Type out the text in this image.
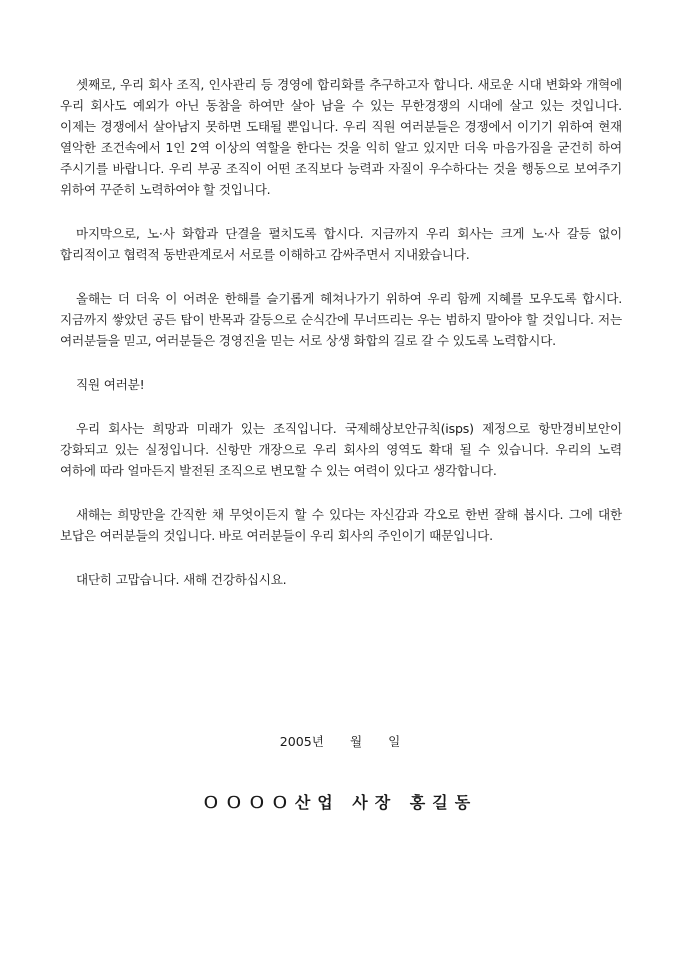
셋째로, 우리 회사 조직, 인사관리 등 경영에 합리화를 추구하고자 합니다. 새로운 시대 변화와 개혁에 우리 회사도 예외가 아닌 동참을 하여만 살아 남을 수 있는 무한경쟁의 시대에 살고 있는 것입니다. 이제는 경쟁에서 살아남지 못하면 도태될 뿐입니다. 우리 직원 여러분들은 경쟁에서 이기기 위하여 현재 열악한 조건속에서 1인 2역 이상의 역할을 한다는 것을 익히 알고 있지만 더욱 마음가짐을 굳건히 하여 주시기를 바랍니다. 우리 부공 조직이 어떤 조직보다 능력과 자질이 우수하다는 것을 행동으로 보여주기 위하여 꾸준히 노력하여야 할 것입니다.

마지막으로, 노·사 화합과 단결을 펼치도록 합시다. 지금까지 우리 회사는 크게 노·사 갈등 없이 합리적이고 협력적 동반관계로서 서로를 이해하고 감싸주면서 지내왔습니다.

올해는 더 더욱 이 어려운 한해를 슬기롭게 헤쳐나가기 위하여 우리 함께 지혜를 모우도록 합시다. 지금까지 쌓았던 공든 탑이 반목과 갈등으로 순식간에 무너뜨리는 우는 범하지 말아야 할 것입니다. 저는 여러분들을 믿고, 여러분들은 경영진을 믿는 서로 상생 화합의 길로 갈 수 있도록 노력합시다.

직원 여러분!

우리 회사는 희망과 미래가 있는 조직입니다. 국제해상보안규칙(isps) 제정으로 항만경비보안이 강화되고 있는 실정입니다. 신항만 개장으로 우리 회사의 영역도 확대 될 수 있습니다. 우리의 노력 여하에 따라 얼마든지 발전된 조직으로 변모할 수 있는 여력이 있다고 생각합니다.

새해는 희망만을 간직한 채 무엇이든지 할 수 있다는 자신감과 각오로 한번 잘해 봅시다. 그에 대한 보답은 여러분들의 것입니다. 바로 여러분들이 우리 회사의 주인이기 때문입니다.

대단히 고맙습니다. 새해 건강하십시요.

2005년 월 일
ＯＯＯＯ산업 사장 홍길동
